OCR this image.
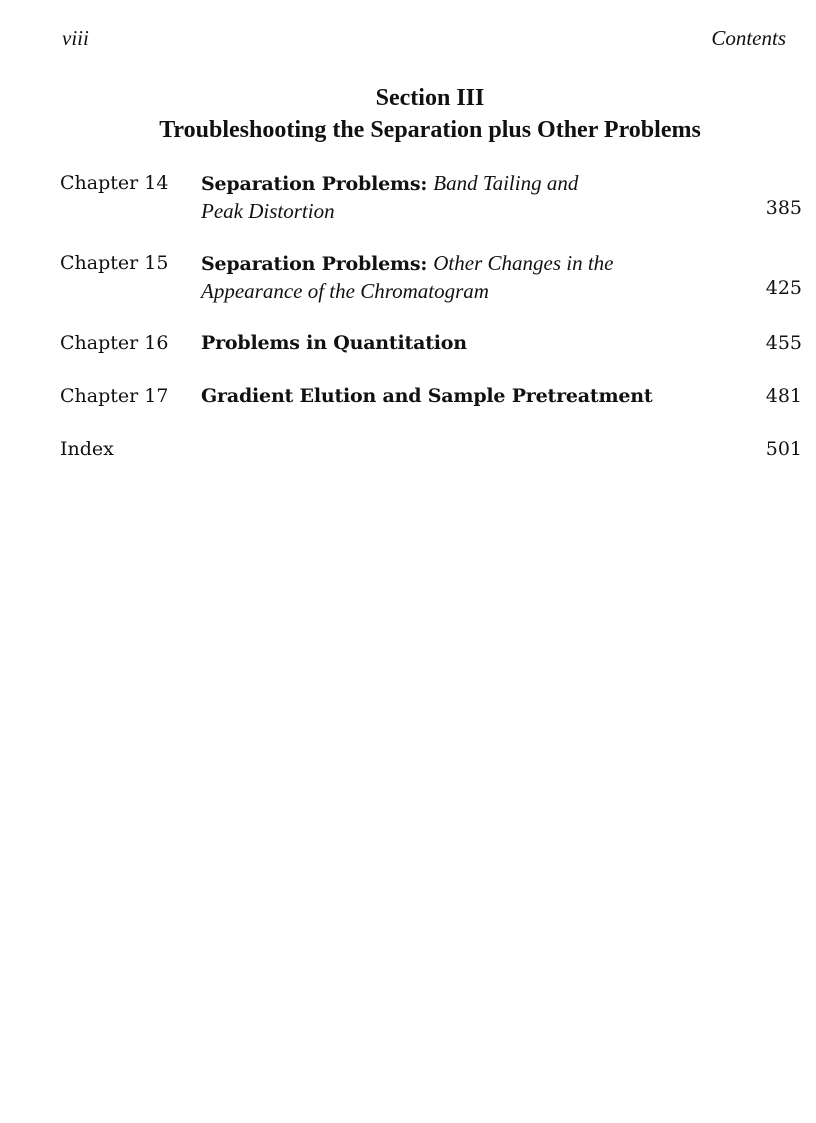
viii	Contents
Section III
Troubleshooting the Separation plus Other Problems
Chapter 14 Separation Problems: Band Tailing and
Peak Distortion	385
Chapter 15 Separation Problems: Other Changes in the
Appearance of the Chromatogram	425
Chapter 16 Problems in Quantitation	455
Chapter 17 Gradient Elution and Sample Pretreatment	481
Index	501
